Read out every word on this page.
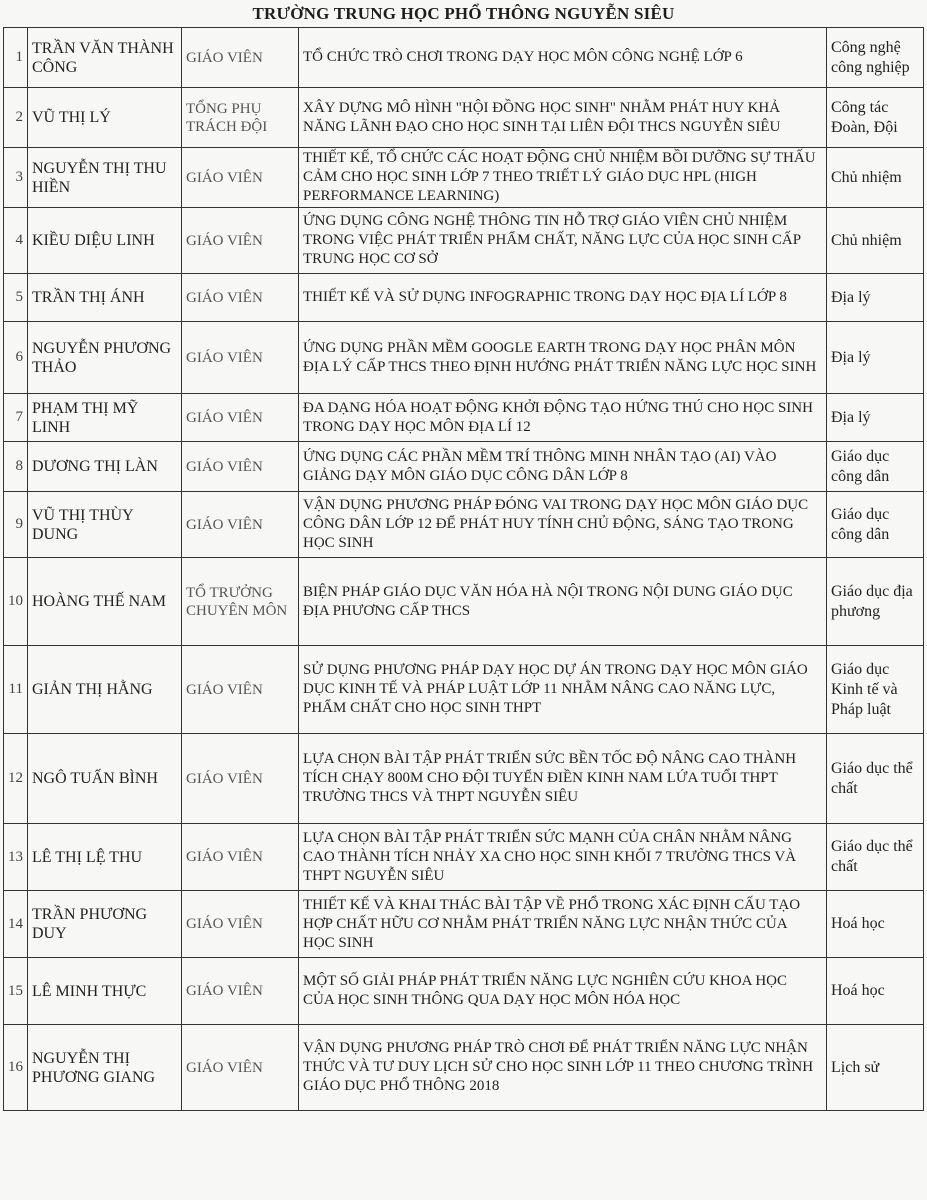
TRƯỜNG TRUNG HỌC PHỔ THÔNG NGUYỄN SIÊU
1	TRẦN VĂN THÀNH CÔNG	GIÁO VIÊN	TỔ CHỨC TRÒ CHƠI TRONG DẠY HỌC MÔN CÔNG NGHỆ LỚP 6	Công nghệ công nghiệp
2	VŨ THỊ LÝ	TỔNG PHỤ TRÁCH ĐỘI	XÂY DỰNG MÔ HÌNH "HỘI ĐỒNG HỌC SINH" NHẰM PHÁT HUY KHẢ NĂNG LÃNH ĐẠO CHO HỌC SINH TẠI LIÊN ĐỘI THCS NGUYỄN SIÊU	Công tác Đoàn, Đội
3	NGUYỄN THỊ THU HIỀN	GIÁO VIÊN	THIẾT KẾ, TỔ CHỨC CÁC HOẠT ĐỘNG CHỦ NHIỆM BỒI DƯỠNG SỰ THẤU CẢM CHO HỌC SINH LỚP 7 THEO TRIẾT LÝ GIÁO DỤC HPL (HIGH PERFORMANCE LEARNING)	Chủ nhiệm
4	KIỀU DIỆU LINH	GIÁO VIÊN	ỨNG DỤNG CÔNG NGHỆ THÔNG TIN HỖ TRỢ GIÁO VIÊN CHỦ NHIỆM TRONG VIỆC PHÁT TRIỂN PHẨM CHẤT, NĂNG LỰC CỦA HỌC SINH CẤP TRUNG HỌC CƠ SỞ	Chủ nhiệm
5	TRẦN THỊ ÁNH	GIÁO VIÊN	THIẾT KẾ VÀ SỬ DỤNG INFOGRAPHIC TRONG DẠY HỌC ĐỊA LÍ LỚP 8	Địa lý
6	NGUYỄN PHƯƠNG THẢO	GIÁO VIÊN	ỨNG DỤNG PHẦN MỀM GOOGLE EARTH TRONG DẠY HỌC PHÂN MÔN ĐỊA LÝ CẤP THCS THEO ĐỊNH HƯỚNG PHÁT TRIỂN NĂNG LỰC HỌC SINH	Địa lý
7	PHẠM THỊ MỸ LINH	GIÁO VIÊN	ĐA DẠNG HÓA HOẠT ĐỘNG KHỞI ĐỘNG TẠO HỨNG THÚ CHO HỌC SINH TRONG DẠY HỌC MÔN ĐỊA LÍ 12	Địa lý
8	DƯƠNG THỊ LÀN	GIÁO VIÊN	ỨNG DỤNG CÁC PHẦN MỀM TRÍ THÔNG MINH NHÂN TẠO (AI) VÀO GIẢNG DẠY MÔN GIÁO DỤC CÔNG DÂN LỚP 8	Giáo dục công dân
9	VŨ THỊ THÙY DUNG	GIÁO VIÊN	VẬN DỤNG PHƯƠNG PHÁP ĐÓNG VAI TRONG DẠY HỌC MÔN GIÁO DỤC CÔNG DÂN LỚP 12 ĐỂ PHÁT HUY TÍNH CHỦ ĐỘNG, SÁNG TẠO TRONG HỌC SINH	Giáo dục công dân
10	HOÀNG THẾ NAM	TỔ TRƯỞNG CHUYÊN MÔN	BIỆN PHÁP GIÁO DỤC VĂN HÓA HÀ NỘI TRONG NỘI DUNG GIÁO DỤC ĐỊA PHƯƠNG CẤP THCS	Giáo dục địa phương
11	GIẢN THỊ HẰNG	GIÁO VIÊN	SỬ DỤNG PHƯƠNG PHÁP DẠY HỌC DỰ ÁN TRONG DẠY HỌC MÔN GIÁO DỤC KINH TẾ VÀ PHÁP LUẬT LỚP 11 NHẰM NÂNG CAO NĂNG LỰC, PHẨM CHẤT CHO HỌC SINH THPT	Giáo dục Kinh tế và Pháp luật
12	NGÔ TUẤN BÌNH	GIÁO VIÊN	LỰA CHỌN BÀI TẬP PHÁT TRIỂN SỨC BỀN TỐC ĐỘ NÂNG CAO THÀNH TÍCH CHẠY 800M CHO ĐỘI TUYỂN ĐIỀN KINH NAM LỨA TUỔI THPT TRƯỜNG THCS VÀ THPT NGUYỄN SIÊU	Giáo dục thể chất
13	LÊ THỊ LỆ THU	GIÁO VIÊN	LỰA CHỌN BÀI TẬP PHÁT TRIỂN SỨC MẠNH CỦA CHÂN NHẰM NÂNG CAO THÀNH TÍCH NHẢY XA CHO HỌC SINH KHỐI 7 TRƯỜNG THCS VÀ THPT NGUYỄN SIÊU	Giáo dục thể chất
14	TRẦN PHƯƠNG DUY	GIÁO VIÊN	THIẾT KẾ VÀ KHAI THÁC BÀI TẬP VỀ PHỔ TRONG XÁC ĐỊNH CẤU TẠO HỢP CHẤT HỮU CƠ NHẰM PHÁT TRIỂN NĂNG LỰC NHẬN THỨC CỦA HỌC SINH	Hoá học
15	LÊ MINH THỰC	GIÁO VIÊN	MỘT SỐ GIẢI PHÁP PHÁT TRIỂN NĂNG LỰC NGHIÊN CỨU KHOA HỌC CỦA HỌC SINH THÔNG QUA DẠY HỌC MÔN HÓA HỌC	Hoá học
16	NGUYỄN THỊ PHƯƠNG GIANG	GIÁO VIÊN	VẬN DỤNG PHƯƠNG PHÁP TRÒ CHƠI ĐỂ PHÁT TRIỂN NĂNG LỰC NHẬN THỨC VÀ TƯ DUY LỊCH SỬ CHO HỌC SINH LỚP 11 THEO CHƯƠNG TRÌNH GIÁO DỤC PHỔ THÔNG 2018	Lịch sử
